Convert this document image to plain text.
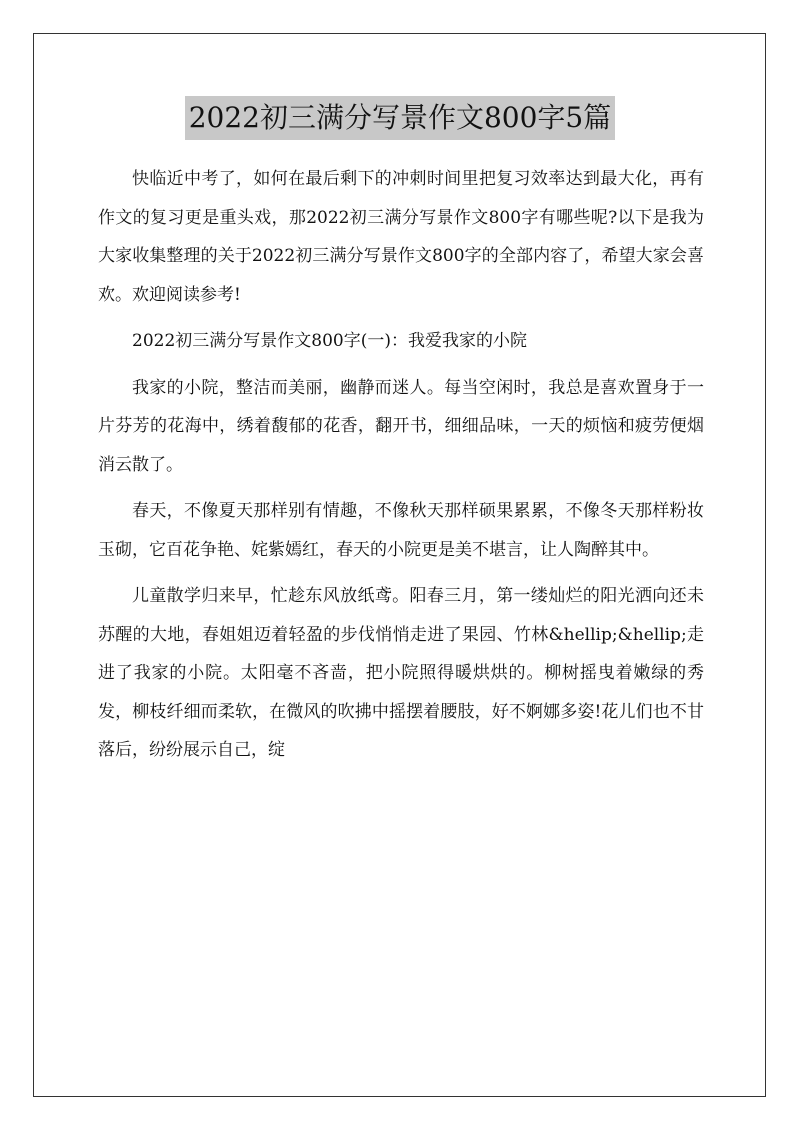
2022初三满分写景作文800字5篇

快临近中考了，如何在最后剩下的冲刺时间里把复习效率达到最大化，再有作文的复习更是重头戏，那2022初三满分写景作文800字有哪些呢?以下是我为大家收集整理的关于2022初三满分写景作文800字的全部内容了，希望大家会喜欢。欢迎阅读参考!

2022初三满分写景作文800字(一)：我爱我家的小院

我家的小院，整洁而美丽，幽静而迷人。每当空闲时，我总是喜欢置身于一片芬芳的花海中，绣着馥郁的花香，翻开书，细细品味，一天的烦恼和疲劳便烟消云散了。

春天，不像夏天那样别有情趣，不像秋天那样硕果累累，不像冬天那样粉妆玉砌，它百花争艳、姹紫嫣红，春天的小院更是美不堪言，让人陶醉其中。

儿童散学归来早，忙趁东风放纸鸢。阳春三月，第一缕灿烂的阳光洒向还未苏醒的大地，春姐姐迈着轻盈的步伐悄悄走进了果园、竹林&hellip;&hellip;走进了我家的小院。太阳毫不吝啬，把小院照得暖烘烘的。柳树摇曳着嫩绿的秀发，柳枝纤细而柔软，在微风的吹拂中摇摆着腰肢，好不婀娜多姿!花儿们也不甘落后，纷纷展示自己，绽
